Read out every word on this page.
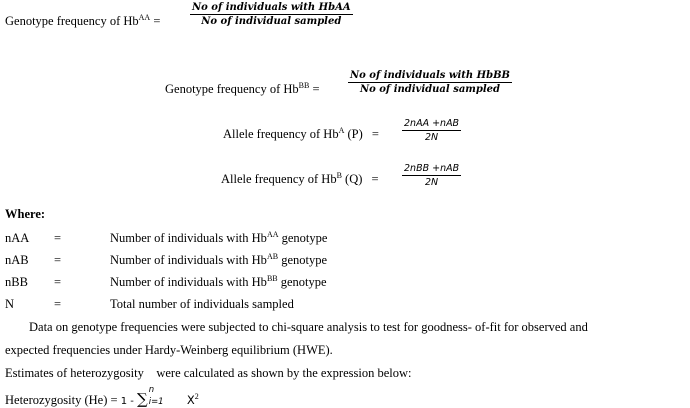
Genotype frequency of $Hb^{AA}$ =
No of individuals with HbAA
No of individual sampled
Genotype frequency of $Hb^{BB}$ =
No of individuals with HbBB
No of individual sampled
Allele frequency of $Hb^A$ (P) =
2nAA +nAB
2N
Allele frequency of $Hb^B$ (Q) =
2nBB +nAB
2N
Where:
nAA =	Number of individuals with $Hb^{AA}$ genotype
nAB =	Number of individuals with $Hb^{AB}$ genotype
nBB =	Number of individuals with $Hb^{BB}$ genotype
N	=	Total number of individuals sampled
Data on genotype frequencies were subjected to chi-square analysis to test for goodness- of-fit for observed and
expected frequencies under Hardy-Weinberg equilibrium (HWE).
Estimates of heterozygosity    were calculated as shown by the expression below:
Heterozygosity (He) = 1 - ∑ n
i=1 $X^2$
